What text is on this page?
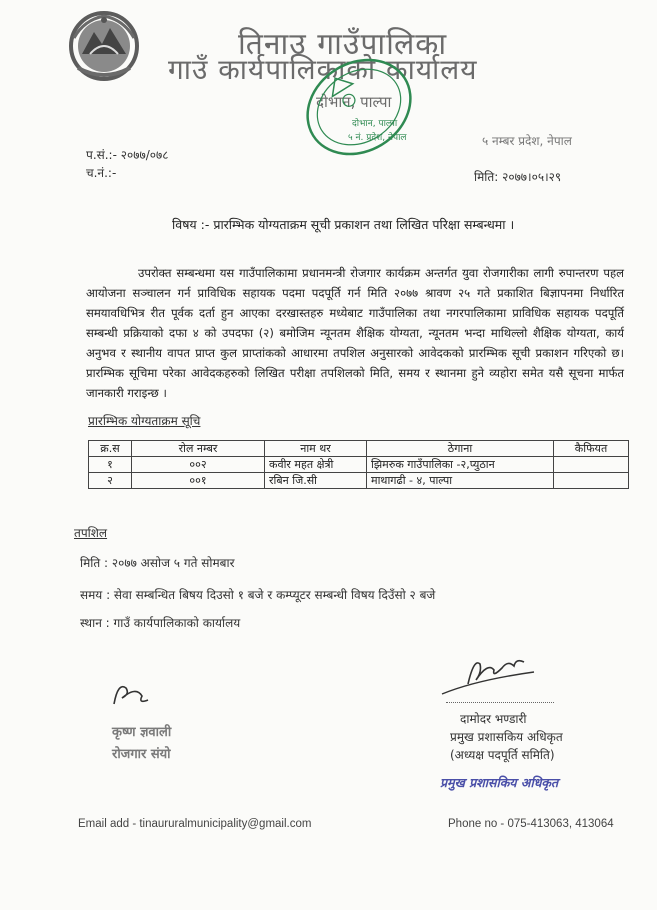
तिनाउ गाउँपालिका
गाउँ कार्यपालिकाको कार्यालय
दोभान, पाल्पा
५ नम्बर प्रदेश, नेपाल
दोभान, पाल्पा
५ नं. प्रदेश, नेपाल
प.सं.:- २०७७/०७८
च.नं.:-	मिति: २०७७।०५।२९
विषय :- प्रारम्भिक योग्यताक्रम सूची प्रकाशन तथा लिखित परिक्षा सम्बन्धमा ।
उपरोक्त सम्बन्धमा यस गाउँपालिकामा प्रधानमन्त्री रोजगार कार्यक्रम अन्तर्गत युवा रोजगारीका लागी रुपान्तरण पहल आयोजना सञ्चालन गर्न प्राविधिक सहायक पदमा पदपूर्ति गर्न मिति २०७७ श्रावण २५ गते प्रकाशित बिज्ञापनमा निर्धारित समयावधिभित्र रीत पूर्वक दर्ता हुन आएका दरखास्तहरु मध्येबाट गाउँपालिका तथा नगरपालिकामा प्राविधिक सहायक पदपूर्ति सम्बन्धी प्रक्रियाको दफा ४ को उपदफा (२) बमोजिम न्यूनतम शैक्षिक योग्यता, न्यूनतम भन्दा माथिल्लो शैक्षिक योग्यता, कार्य अनुभव र स्थानीय वापत प्राप्त कुल प्राप्तांकको आधारमा तपशिल अनुसारको आवेदकको प्रारम्भिक सूची प्रकाशन गरिएको छ। प्रारम्भिक सूचिमा परेका आवेदकहरुको लिखित परीक्षा तपशिलको मिति, समय र स्थानमा हुने व्यहोरा समेत यसै सूचना मार्फत जानकारी गराइन्छ ।
प्रारम्भिक योग्यताक्रम सूचि
क्र.स	रोल नम्बर	नाम थर	ठेगाना	कैफियत
१	००२	कवीर महत क्षेत्री	झिमरुक गाउँपालिका -२,प्युठान	
२	००१	रबिन जि.सी	माथागढी - ४, पाल्पा	
तपशिल
मिति : २०७७ असोज ५ गते सोमबार
समय : सेवा सम्बन्धित बिषय दिउसो १ बजे र कम्प्यूटर सम्बन्धी विषय दिउँसो २ बजे
स्थान : गाउँ कार्यपालिकाको कार्यालय
कृष्ण ज्ञवाली
रोजगार संयो
दामोदर भण्डारी
प्रमुख प्रशासकिय अधिकृत
(अध्यक्ष पदपूर्ति समिति)
प्रमुख प्रशासकिय अधिकृत
Email add - tinaururalmunicipality@gmail.com	Phone no - 075-413063, 413064
